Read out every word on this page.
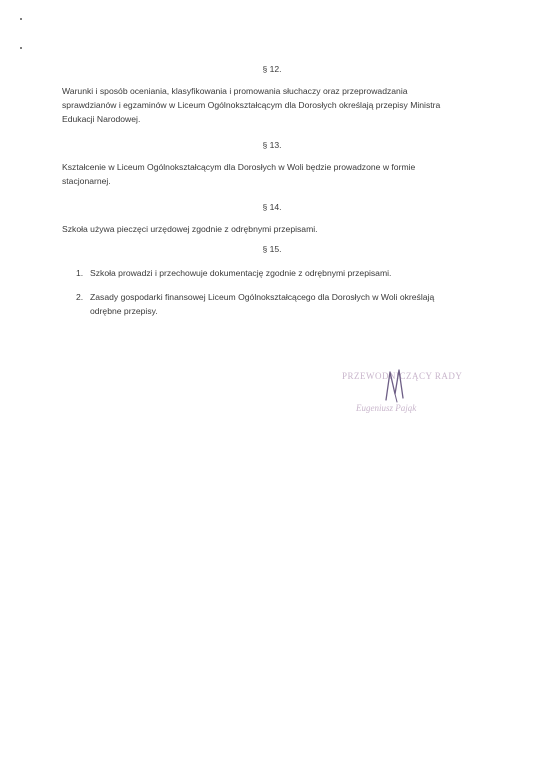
§ 12.

Warunki i sposób oceniania, klasyfikowania i promowania słuchaczy oraz przeprowadzania
sprawdzianów i egzaminów w Liceum Ogólnokształcącym dla Dorosłych określają przepisy Ministra
Edukacji Narodowej.

§ 13.

Kształcenie w Liceum Ogólnokształcącym dla Dorosłych w Woli będzie prowadzone w formie
stacjonarnej.

§ 14.

Szkoła używa pieczęci urzędowej zgodnie z odrębnymi przepisami.

§ 15.

1. Szkoła prowadzi i przechowuje dokumentację zgodnie z odrębnymi przepisami.
2. Zasady gospodarki finansowej Liceum Ogólnokształcącego dla Dorosłych w Woli określają
odrębne przepisy.
PRZEWODNICZĄCY RADY
Eugeniusz Pająk
